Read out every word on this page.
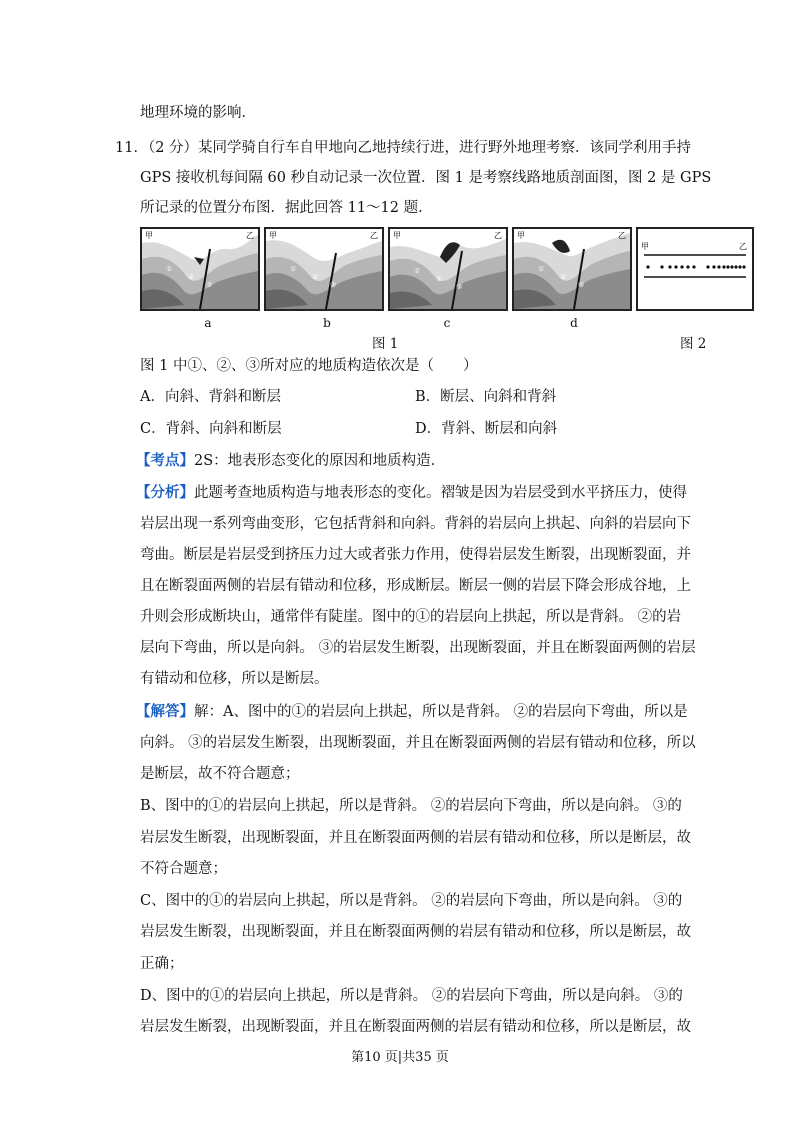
地理环境的影响．
11．（2 分）某同学骑自行车自甲地向乙地持续行进，进行野外地理考察．该同学利用手持
GPS 接收机每间隔 60 秒自动记录一次位置．图 1 是考察线路地质剖面图，图 2 是 GPS
所记录的位置分布图．据此回答 11～12 题．
甲	乙
①
②
③
甲	乙
①
②
③
甲	乙
①
②
③
甲	乙
①
②
③
甲	乙
a	b	c	d
图 1	图 2
图 1 中①、②、③所对应的地质构造依次是（　　）
A．向斜、背斜和断层	B．断层、向斜和背斜
C．背斜、向斜和断层	D．背斜、断层和向斜
【考点】2S：地表形态变化的原因和地质构造．
【分析】此题考查地质构造与地表形态的变化。褶皱是因为岩层受到水平挤压力，使得
岩层出现一系列弯曲变形，它包括背斜和向斜。背斜的岩层向上拱起、向斜的岩层向下
弯曲。断层是岩层受到挤压力过大或者张力作用，使得岩层发生断裂，出现断裂面，并
且在断裂面两侧的岩层有错动和位移，形成断层。断层一侧的岩层下降会形成谷地，上
升则会形成断块山，通常伴有陡崖。图中的①的岩层向上拱起，所以是背斜。 ②的岩
层向下弯曲，所以是向斜。 ③的岩层发生断裂，出现断裂面，并且在断裂面两侧的岩层
有错动和位移，所以是断层。
【解答】解：A、图中的①的岩层向上拱起，所以是背斜。 ②的岩层向下弯曲，所以是
向斜。 ③的岩层发生断裂，出现断裂面，并且在断裂面两侧的岩层有错动和位移，所以
是断层，故不符合题意；
B、图中的①的岩层向上拱起，所以是背斜。 ②的岩层向下弯曲，所以是向斜。 ③的
岩层发生断裂，出现断裂面，并且在断裂面两侧的岩层有错动和位移，所以是断层，故
不符合题意；
C、图中的①的岩层向上拱起，所以是背斜。 ②的岩层向下弯曲，所以是向斜。 ③的
岩层发生断裂，出现断裂面，并且在断裂面两侧的岩层有错动和位移，所以是断层，故
正确；
D、图中的①的岩层向上拱起，所以是背斜。 ②的岩层向下弯曲，所以是向斜。 ③的
岩层发生断裂，出现断裂面，并且在断裂面两侧的岩层有错动和位移，所以是断层，故
第10 页|共35 页
